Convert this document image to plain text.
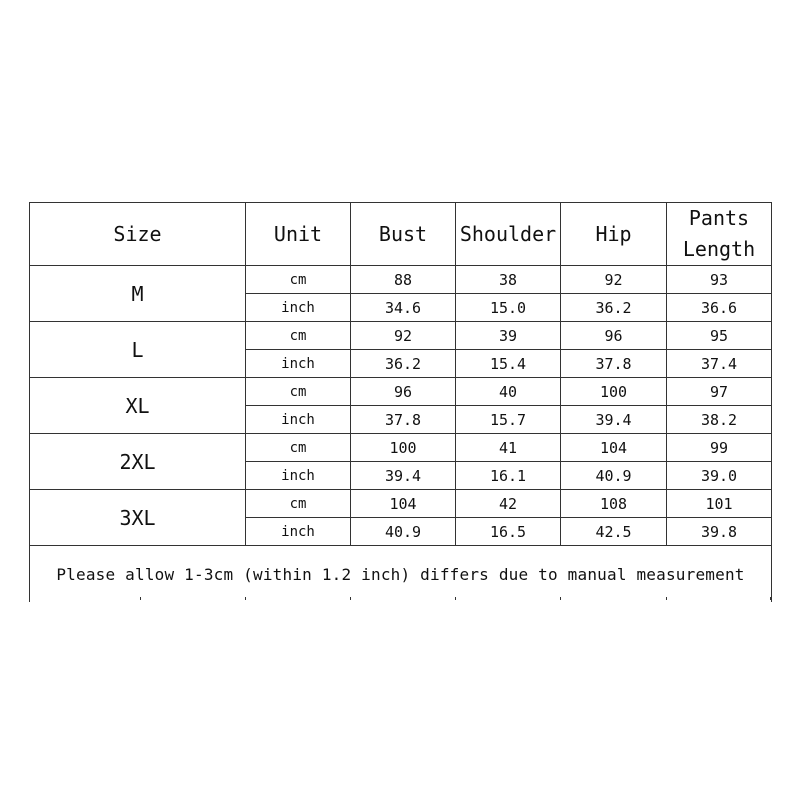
Size	Unit	Bust	Shoulder	Hip	Pants Length
M	cm	88	38	92	93
	inch	34.6	15.0	36.2	36.6
L	cm	92	39	96	95
	inch	36.2	15.4	37.8	37.4
XL	cm	96	40	100	97
	inch	37.8	15.7	39.4	38.2
2XL	cm	100	41	104	99
	inch	39.4	16.1	40.9	39.0
3XL	cm	104	42	108	101
	inch	40.9	16.5	42.5	39.8
Please allow 1-3cm (within 1.2 inch) differs due to manual measurement					
